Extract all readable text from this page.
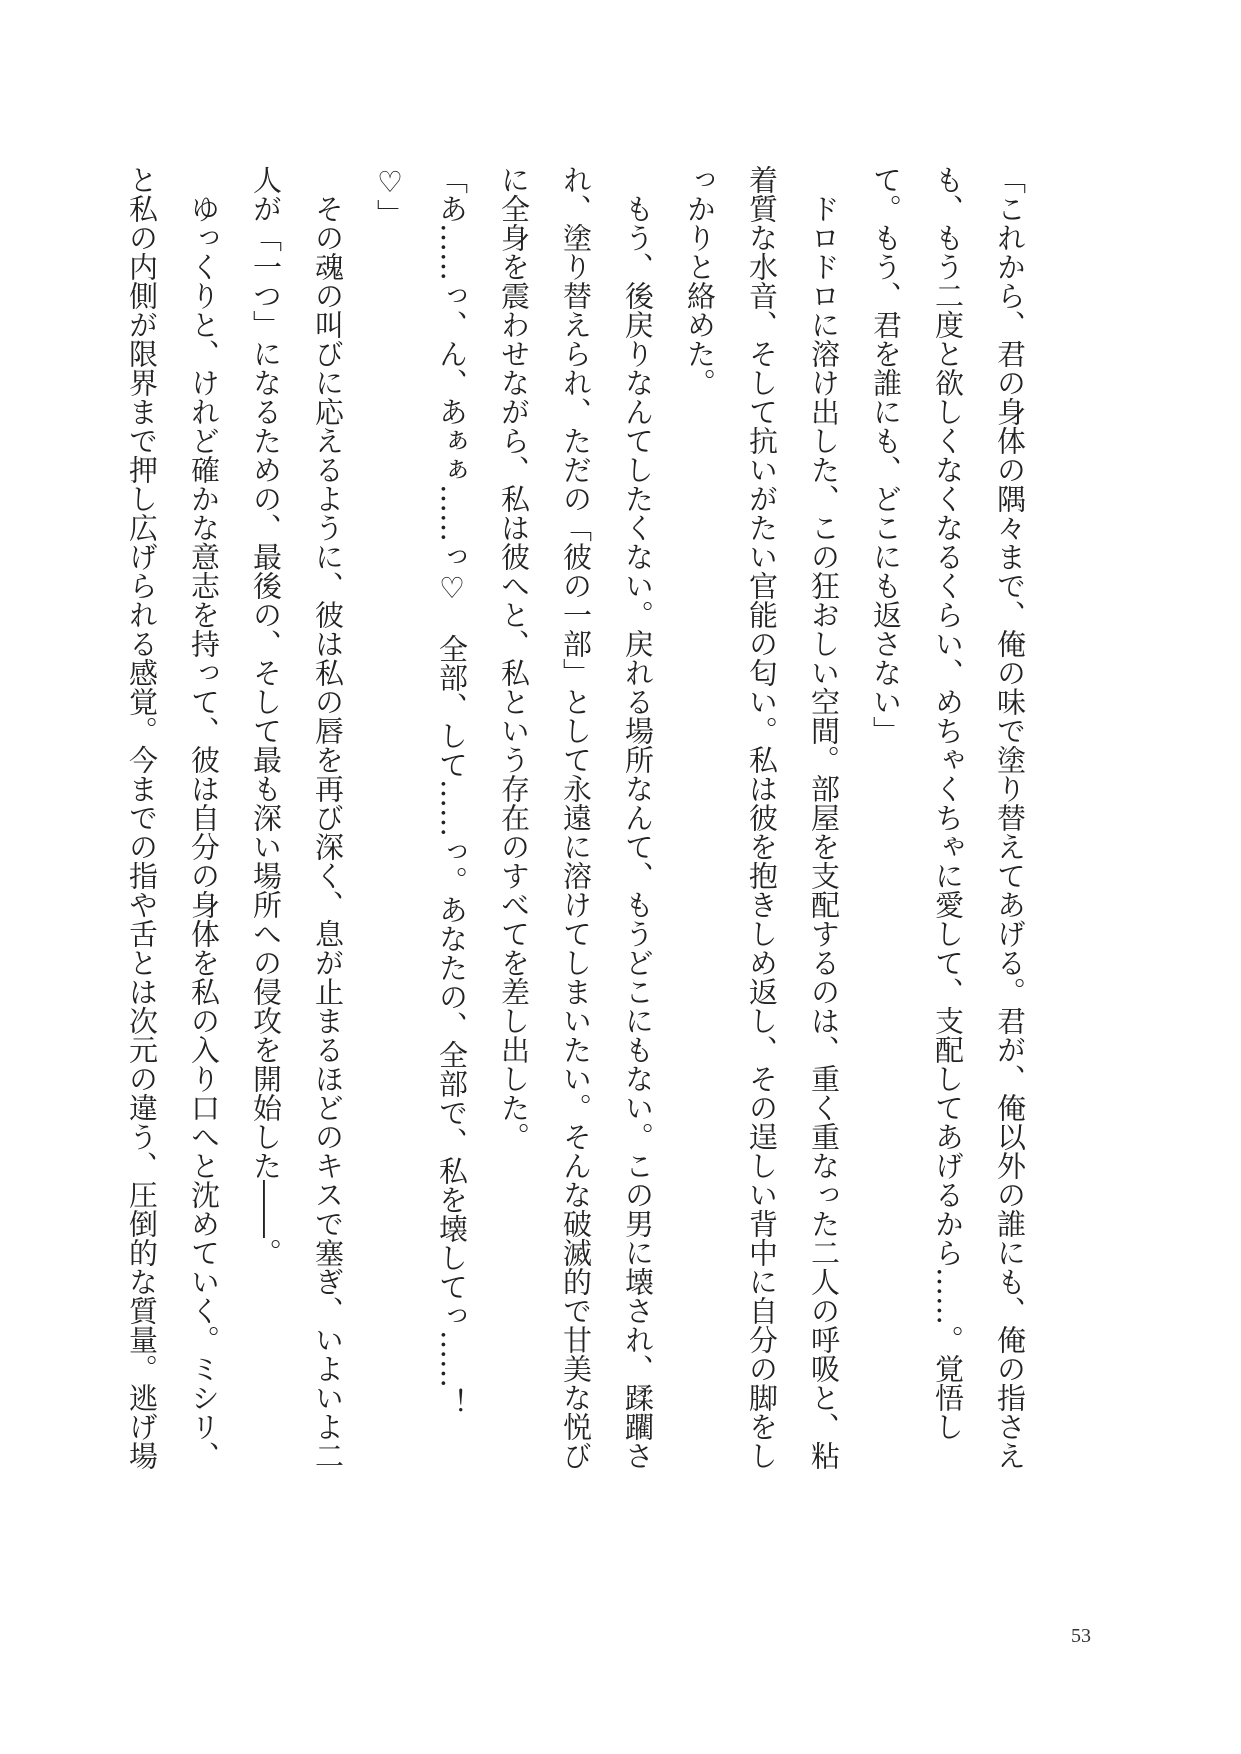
「これから、君の身体の隅々まで、俺の味で塗り替えてあげる。君が、俺以外の誰にも、俺の指さえ

も、もう二度と欲しくなくなるくらい、めちゃくちゃに愛して、支配してあげるから……。覚悟し

て。もう、君を誰にも、どこにも返さない」

　ドロドロに溶け出した、この狂おしい空間。部屋を支配するのは、重く重なった二人の呼吸と、粘

着質な水音、そして抗いがたい官能の匂い。私は彼を抱きしめ返し、その逞しい背中に自分の脚をし

っかりと絡めた。

　もう、後戻りなんてしたくない。戻れる場所なんて、もうどこにもない。この男に壊され、蹂躙さ

れ、塗り替えられ、ただの「彼の一部」として永遠に溶けてしまいたい。そんな破滅的で甘美な悦び

に全身を震わせながら、私は彼へと、私という存在のすべてを差し出した。

「あ……っ、ん、あぁぁ……っ♡　全部、して……っ。あなたの、全部で、私を壊してっ……！

♡」

　その魂の叫びに応えるように、彼は私の唇を再び深く、息が止まるほどのキスで塞ぎ、いよいよ二

人が「一つ」になるための、最後の、そして最も深い場所への侵攻を開始した――。

　ゆっくりと、けれど確かな意志を持って、彼は自分の身体を私の入り口へと沈めていく。ミシリ、

と私の内側が限界まで押し広げられる感覚。今までの指や舌とは次元の違う、圧倒的な質量。逃げ場

53
